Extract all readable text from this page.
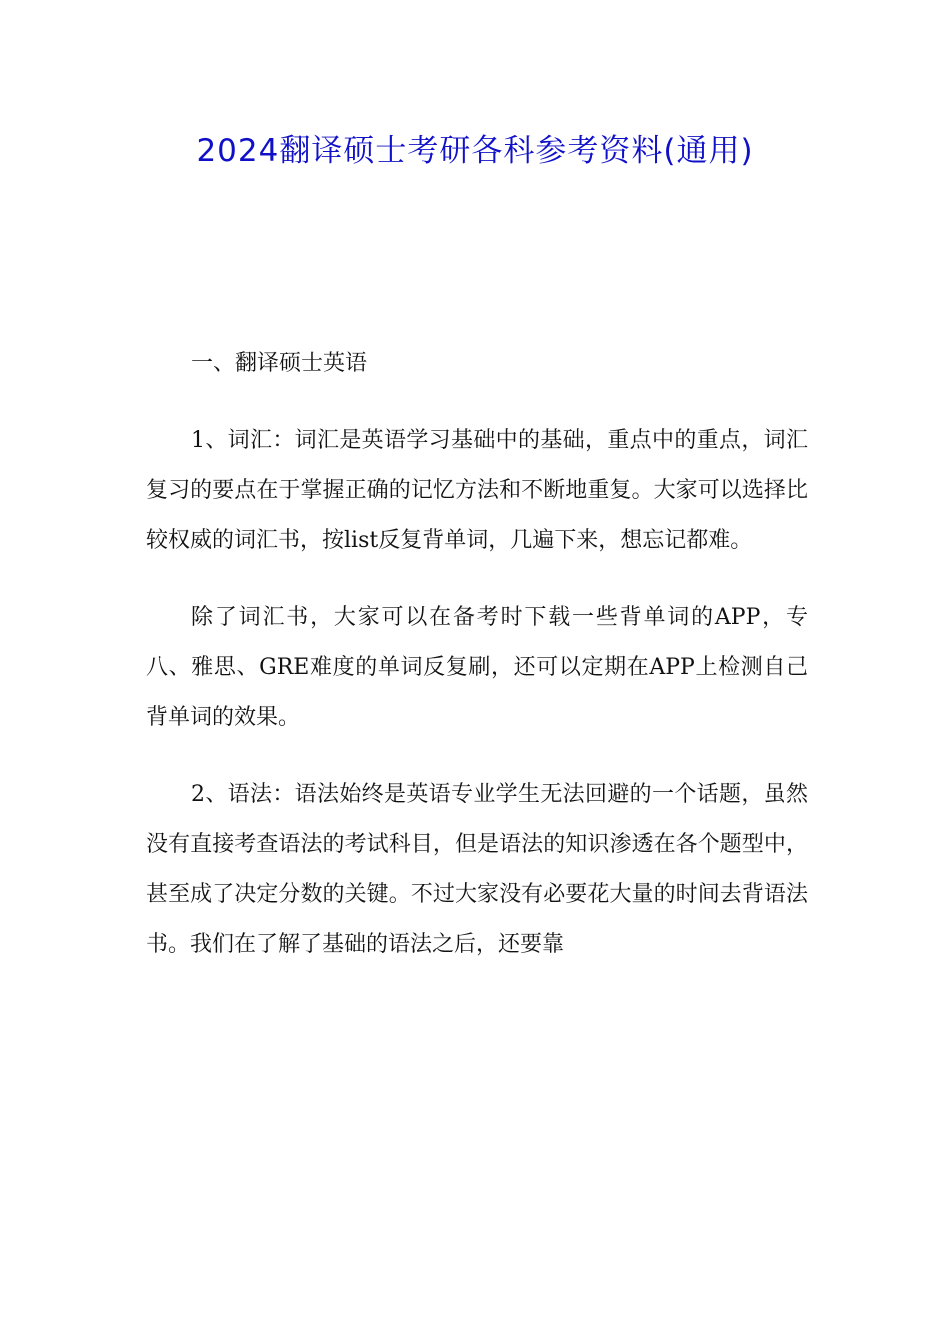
2024翻译硕士考研各科参考资料(通用)

一、翻译硕士英语

1、词汇：词汇是英语学习基础中的基础，重点中的重点，词汇复习的要点在于掌握正确的记忆方法和不断地重复。大家可以选择比较权威的词汇书，按list反复背单词，几遍下来，想忘记都难。

除了词汇书，大家可以在备考时下载一些背单词的APP，专八、雅思、GRE难度的单词反复刷，还可以定期在APP上检测自己背单词的效果。

2、语法：语法始终是英语专业学生无法回避的一个话题，虽然没有直接考查语法的考试科目，但是语法的知识渗透在各个题型中，甚至成了决定分数的关键。不过大家没有必要花大量的时间去背语法书。我们在了解了基础的语法之后，还要靠
